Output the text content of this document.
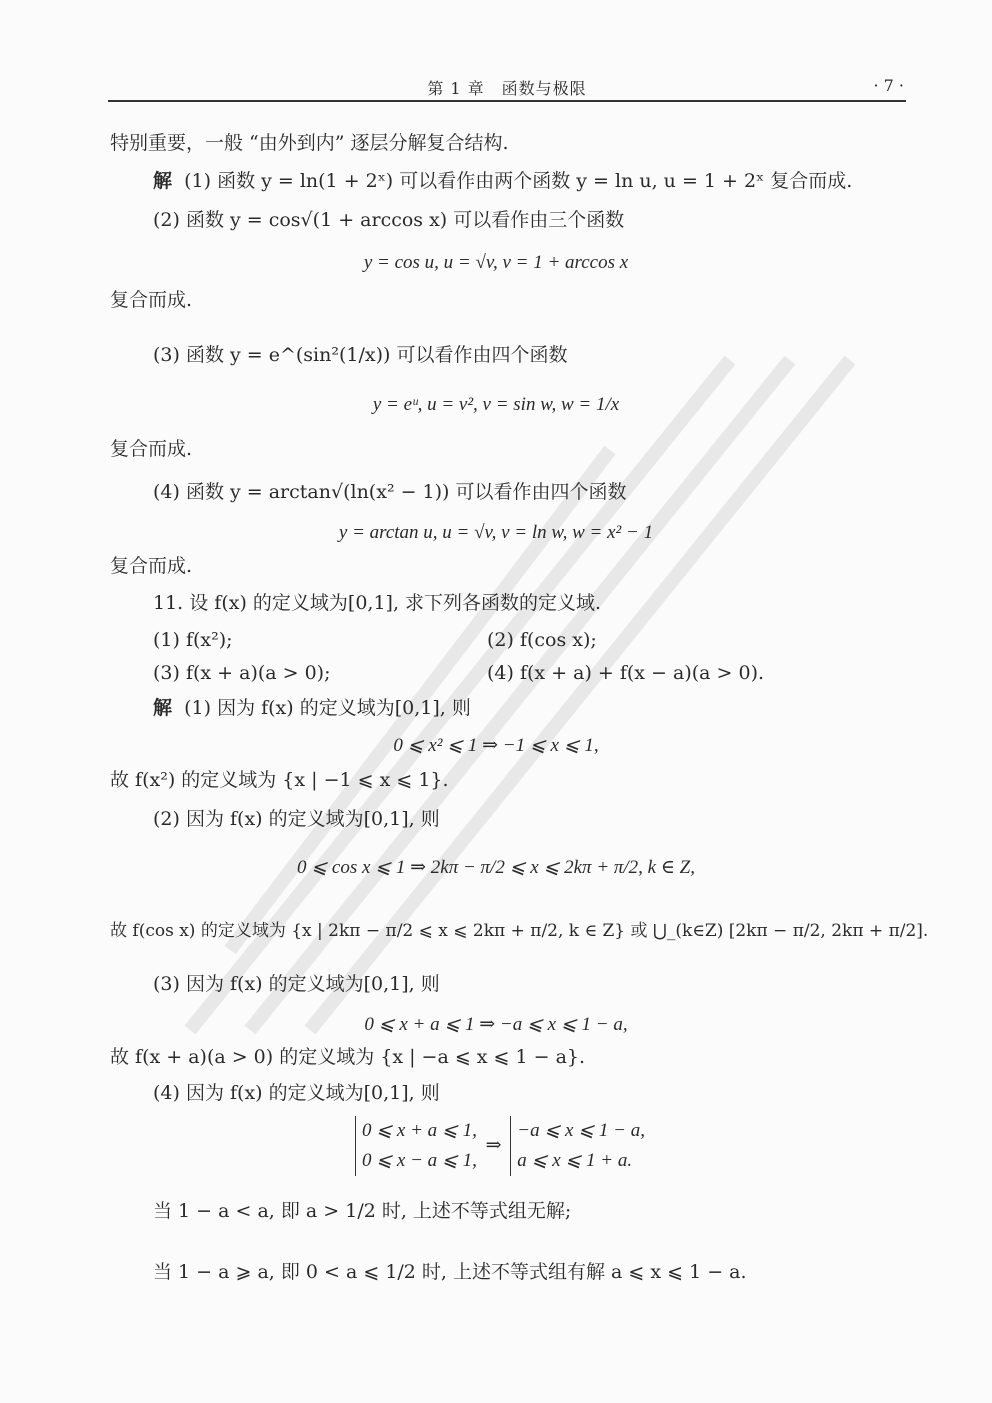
第 1 章　函数与极限	· 7 ·
特别重要，一般 “由外到内” 逐层分解复合结构.
解 (1) 函数 y = ln(1 + 2ˣ) 可以看作由两个函数 y = ln u, u = 1 + 2ˣ 复合而成.
(2) 函数 y = cos√(1 + arccos x) 可以看作由三个函数
y = cos u, u = √v, v = 1 + arccos x
复合而成.
(3) 函数 y = e^(sin²(1/x)) 可以看作由四个函数
y = eᵘ, u = v², v = sin w, w = 1/x
复合而成.
(4) 函数 y = arctan√(ln(x² − 1)) 可以看作由四个函数
y = arctan u, u = √v, v = ln w, w = x² − 1
复合而成.
11. 设 f(x) 的定义域为[0,1], 求下列各函数的定义域.
(1) f(x²);	(2) f(cos x);
(3) f(x + a)(a > 0);	(4) f(x + a) + f(x − a)(a > 0).
解 (1) 因为 f(x) 的定义域为[0,1], 则
0 ⩽ x² ⩽ 1 ⇒ −1 ⩽ x ⩽ 1,
故 f(x²) 的定义域为 {x | −1 ⩽ x ⩽ 1}.
(2) 因为 f(x) 的定义域为[0,1], 则
0 ⩽ cos x ⩽ 1 ⇒ 2kπ − π/2 ⩽ x ⩽ 2kπ + π/2, k ∈ Z,
故 f(cos x) 的定义域为 {x | 2kπ − π/2 ⩽ x ⩽ 2kπ + π/2, k ∈ Z} 或 ⋃_(k∈Z) [2kπ − π/2, 2kπ + π/2].
(3) 因为 f(x) 的定义域为[0,1], 则
0 ⩽ x + a ⩽ 1 ⇒ −a ⩽ x ⩽ 1 − a,
故 f(x + a)(a > 0) 的定义域为 {x | −a ⩽ x ⩽ 1 − a}.
(4) 因为 f(x) 的定义域为[0,1], 则
0 ⩽ x + a ⩽ 1,
0 ⩽ x − a ⩽ 1,
⇒
−a ⩽ x ⩽ 1 − a,
a ⩽ x ⩽ 1 + a.
当 1 − a < a, 即 a > 1/2 时, 上述不等式组无解;
当 1 − a ⩾ a, 即 0 < a ⩽ 1/2 时, 上述不等式组有解 a ⩽ x ⩽ 1 − a.
